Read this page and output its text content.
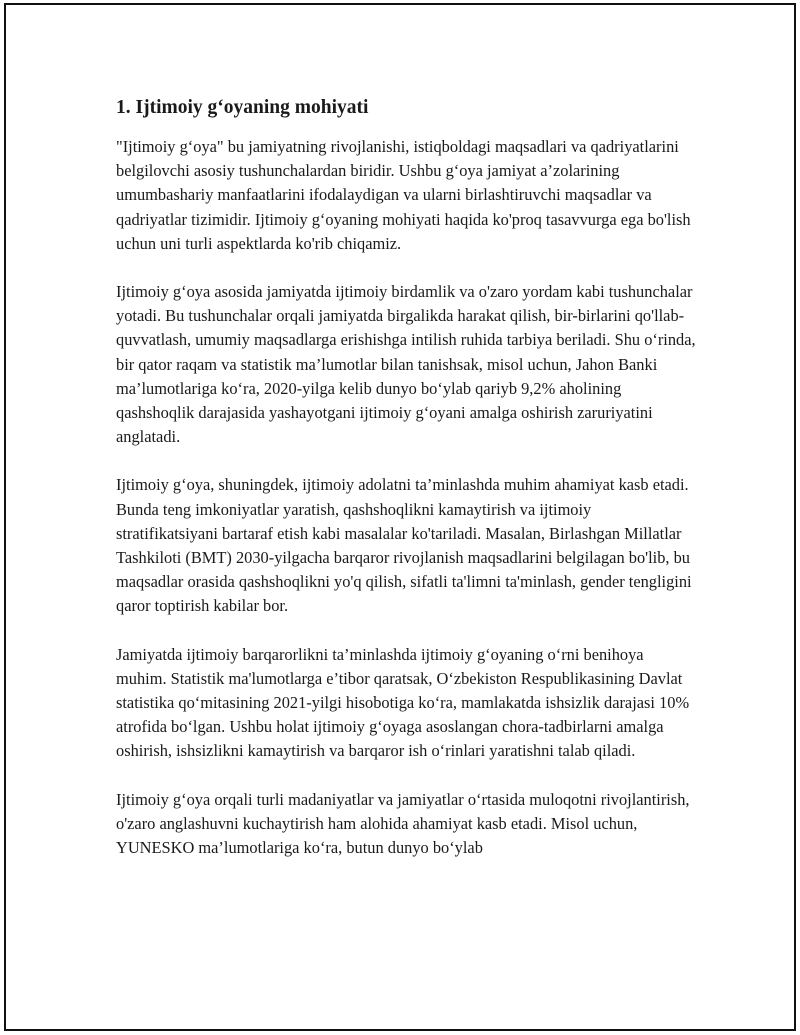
1. Ijtimoiy g‘oyaning mohiyati

"Ijtimoiy g‘oya" bu jamiyatning rivojlanishi, istiqboldagi maqsadlari va qadriyatlarini belgilovchi asosiy tushunchalardan biridir. Ushbu g‘oya jamiyat a’zolarining umumbashariy manfaatlarini ifodalaydigan va ularni birlashtiruvchi maqsadlar va qadriyatlar tizimidir. Ijtimoiy g‘oyaning mohiyati haqida ko'proq tasavvurga ega bo'lish uchun uni turli aspektlarda ko'rib chiqamiz.

Ijtimoiy g‘oya asosida jamiyatda ijtimoiy birdamlik va o'zaro yordam kabi tushunchalar yotadi. Bu tushunchalar orqali jamiyatda birgalikda harakat qilish, bir-birlarini qo'llab-quvvatlash, umumiy maqsadlarga erishishga intilish ruhida tarbiya beriladi. Shu o‘rinda, bir qator raqam va statistik ma’lumotlar bilan tanishsak, misol uchun, Jahon Banki ma’lumotlariga ko‘ra, 2020-yilga kelib dunyo bo‘ylab qariyb 9,2% aholining qashshoqlik darajasida yashayotgani ijtimoiy g‘oyani amalga oshirish zaruriyatini anglatadi.

Ijtimoiy g‘oya, shuningdek, ijtimoiy adolatni ta’minlashda muhim ahamiyat kasb etadi. Bunda teng imkoniyatlar yaratish, qashshoqlikni kamaytirish va ijtimoiy stratifikatsiyani bartaraf etish kabi masalalar ko'tariladi. Masalan, Birlashgan Millatlar Tashkiloti (BMT) 2030-yilgacha barqaror rivojlanish maqsadlarini belgilagan bo'lib, bu maqsadlar orasida qashshoqlikni yo'q qilish, sifatli ta'limni ta'minlash, gender tengligini qaror toptirish kabilar bor.

Jamiyatda ijtimoiy barqarorlikni ta’minlashda ijtimoiy g‘oyaning o‘rni benihoya muhim. Statistik ma'lumotlarga e’tibor qaratsak, O‘zbekiston Respublikasining Davlat statistika qo‘mitasining 2021-yilgi hisobotiga ko‘ra, mamlakatda ishsizlik darajasi 10% atrofida bo‘lgan. Ushbu holat ijtimoiy g‘oyaga asoslangan chora-tadbirlarni amalga oshirish, ishsizlikni kamaytirish va barqaror ish o‘rinlari yaratishni talab qiladi.

Ijtimoiy g‘oya orqali turli madaniyatlar va jamiyatlar o‘rtasida muloqotni rivojlantirish, o'zaro anglashuvni kuchaytirish ham alohida ahamiyat kasb etadi. Misol uchun, YUNESKO ma’lumotlariga ko‘ra, butun dunyo bo‘ylab
